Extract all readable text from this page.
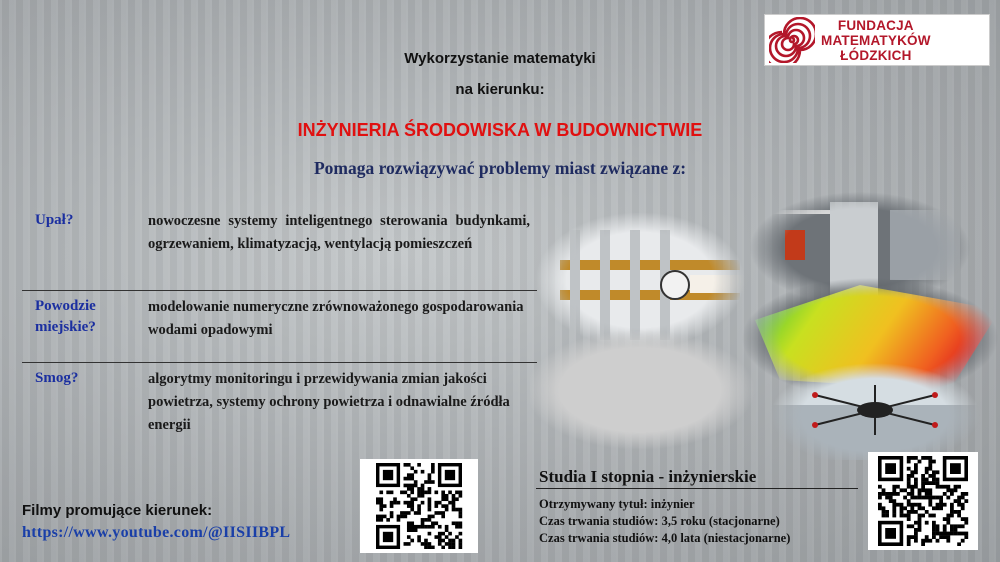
FUNDACJA
MATEMATYKÓW
ŁÓDZKICH
Wykorzystanie matematyki
na kierunku:
INŻYNIERIA ŚRODOWISKA W BUDOWNICTWIE
Pomaga rozwiązywać problemy miast związane z:
Upał?	nowoczesne systemy inteligentnego sterowania budynkami, ogrzewaniem, klimatyzacją, wentylacją pomieszczeń
Powodzie miejskie?
modelowanie numeryczne zrównoważonego gospodarowania wodami opadowymi
Smog?	algorytmy monitoringu i przewidywania zmian jakości powietrza, systemy ochrony powietrza i odnawialne źródła energii
Filmy promujące kierunek:
https://www.youtube.com/@IISIIBPL
Studia I stopnia - inżynierskie
Otrzymywany tytuł: inżynier
Czas trwania studiów: 3,5 roku (stacjonarne)
Czas trwania studiów: 4,0 lata (niestacjonarne)
